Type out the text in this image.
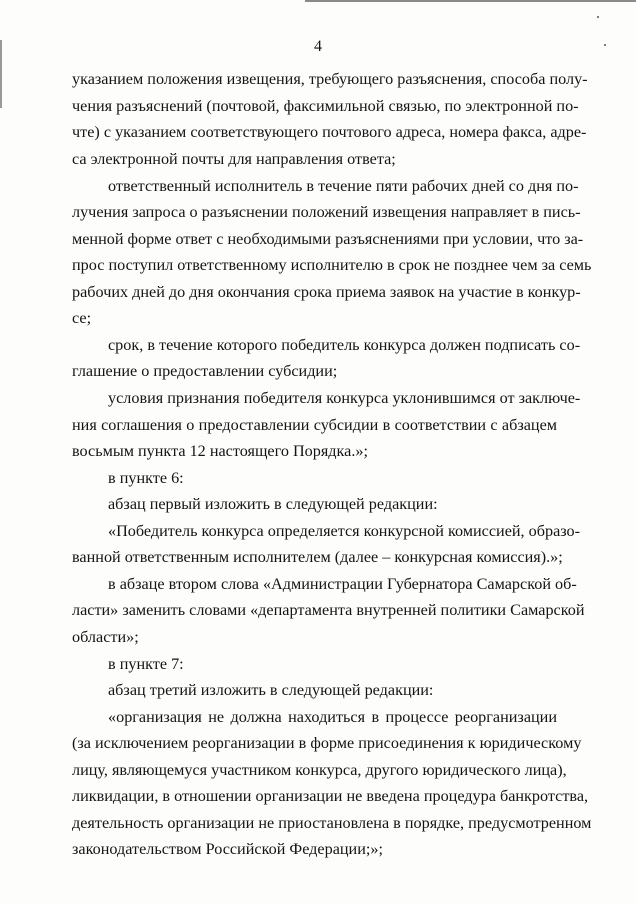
4
указанием положения извещения, требующего разъяснения, способа полу-
чения разъяснений (почтовой, факсимильной связью, по электронной по-
чте) с указанием соответствующего почтового адреса, номера факса, адре-
са электронной почты для направления ответа;
ответственный исполнитель в течение пяти рабочих дней со дня по-
лучения запроса о разъяснении положений извещения направляет в пись-
менной форме ответ с необходимыми разъяснениями при условии, что за-
прос поступил ответственному исполнителю в срок не позднее чем за семь
рабочих дней до дня окончания срока приема заявок на участие в конкур-
се;
срок, в течение которого победитель конкурса должен подписать со-
глашение о предоставлении субсидии;
условия признания победителя конкурса уклонившимся от заключе-
ния соглашения о предоставлении субсидии в соответствии с абзацем
восьмым пункта 12 настоящего Порядка.»;
в пункте 6:
абзац первый изложить в следующей редакции:
«Победитель конкурса определяется конкурсной комиссией, образо-
ванной ответственным исполнителем (далее – конкурсная комиссия).»;
в абзаце втором слова «Администрации Губернатора Самарской об-
ласти» заменить словами «департамента внутренней политики Самарской
области»;
в пункте 7:
абзац третий изложить в следующей редакции:
«организация не должна находиться в процессе реорганизации
(за исключением реорганизации в форме присоединения к юридическому
лицу, являющемуся участником конкурса, другого юридического лица),
ликвидации, в отношении организации не введена процедура банкротства,
деятельность организации не приостановлена в порядке, предусмотренном
законодательством Российской Федерации;»;
